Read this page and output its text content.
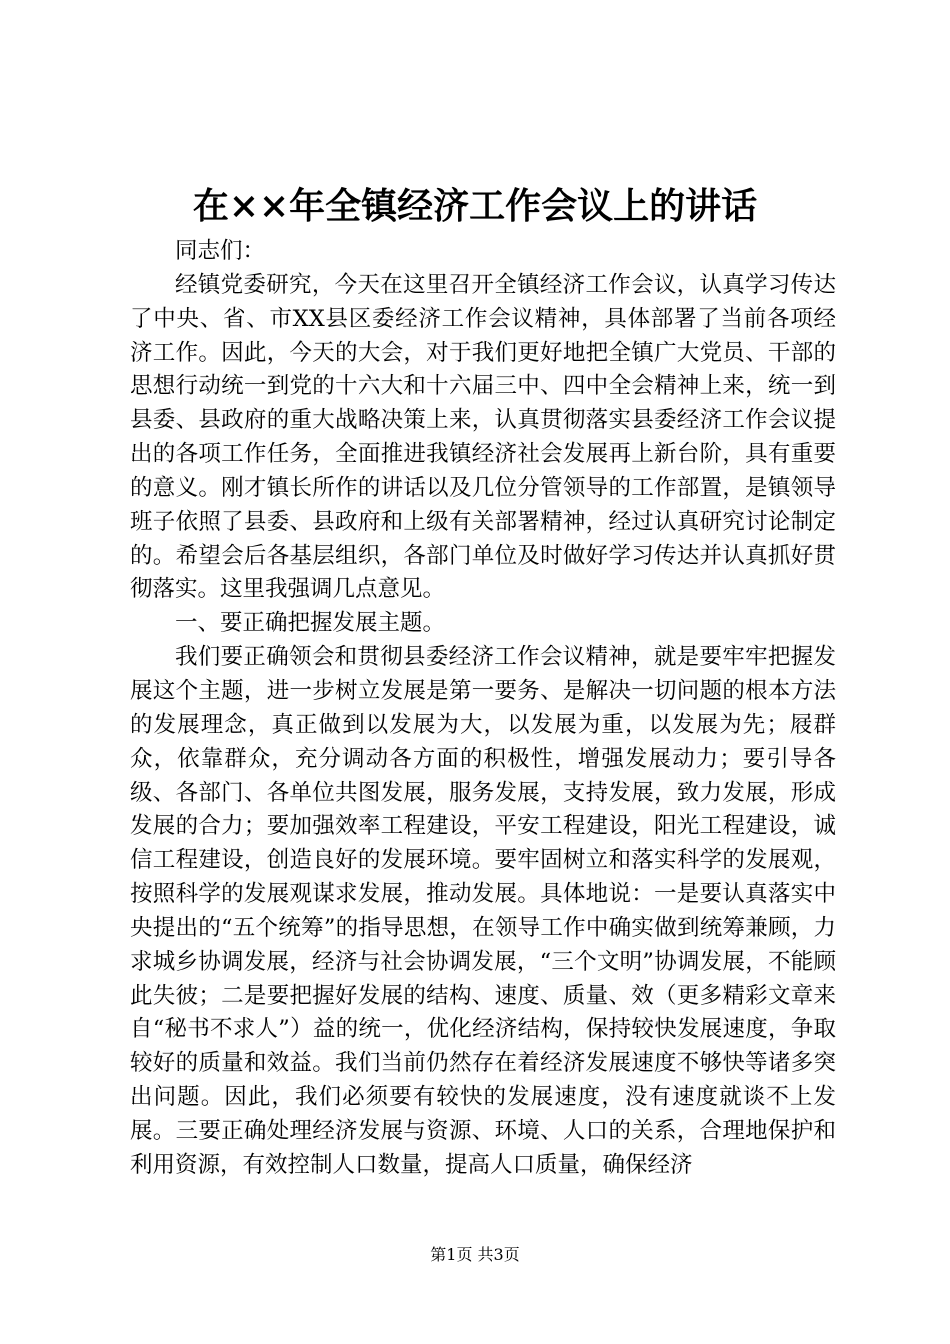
在××年全镇经济工作会议上的讲话

同志们：

经镇党委研究，今天在这里召开全镇经济工作会议，认真学习传达了中央、省、市XX县区委经济工作会议精神，具体部署了当前各项经济工作。因此，今天的大会，对于我们更好地把全镇广大党员、干部的思想行动统一到党的十六大和十六届三中、四中全会精神上来，统一到县委、县政府的重大战略决策上来，认真贯彻落实县委经济工作会议提出的各项工作任务，全面推进我镇经济社会发展再上新台阶，具有重要的意义。刚才镇长所作的讲话以及几位分管领导的工作部置，是镇领导班子依照了县委、县政府和上级有关部署精神，经过认真研究讨论制定的。希望会后各基层组织，各部门单位及时做好学习传达并认真抓好贯彻落实。这里我强调几点意见。

一、要正确把握发展主题。

我们要正确领会和贯彻县委经济工作会议精神，就是要牢牢把握发展这个主题，进一步树立发展是第一要务、是解决一切问题的根本方法的发展理念，真正做到以发展为大，以发展为重，以发展为先；屐群众，依靠群众，充分调动各方面的积极性，增强发展动力；要引导各级、各部门、各单位共图发展，服务发展，支持发展，致力发展，形成发展的合力；要加强效率工程建设，平安工程建设，阳光工程建设，诚信工程建设，创造良好的发展环境。要牢固树立和落实科学的发展观，按照科学的发展观谋求发展，推动发展。具体地说：一是要认真落实中央提出的“五个统筹”的指导思想，在领导工作中确实做到统筹兼顾，力求城乡协调发展，经济与社会协调发展，“三个文明”协调发展，不能顾此失彼；二是要把握好发展的结构、速度、质量、效（更多精彩文章来自“秘书不求人”）益的统一，优化经济结构，保持较快发展速度，争取较好的质量和效益。我们当前仍然存在着经济发展速度不够快等诸多突出问题。因此，我们必须要有较快的发展速度，没有速度就谈不上发展。三要正确处理经济发展与资源、环境、人口的关系，合理地保护和利用资源，有效控制人口数量，提高人口质量，确保经济

第1页 共3页
